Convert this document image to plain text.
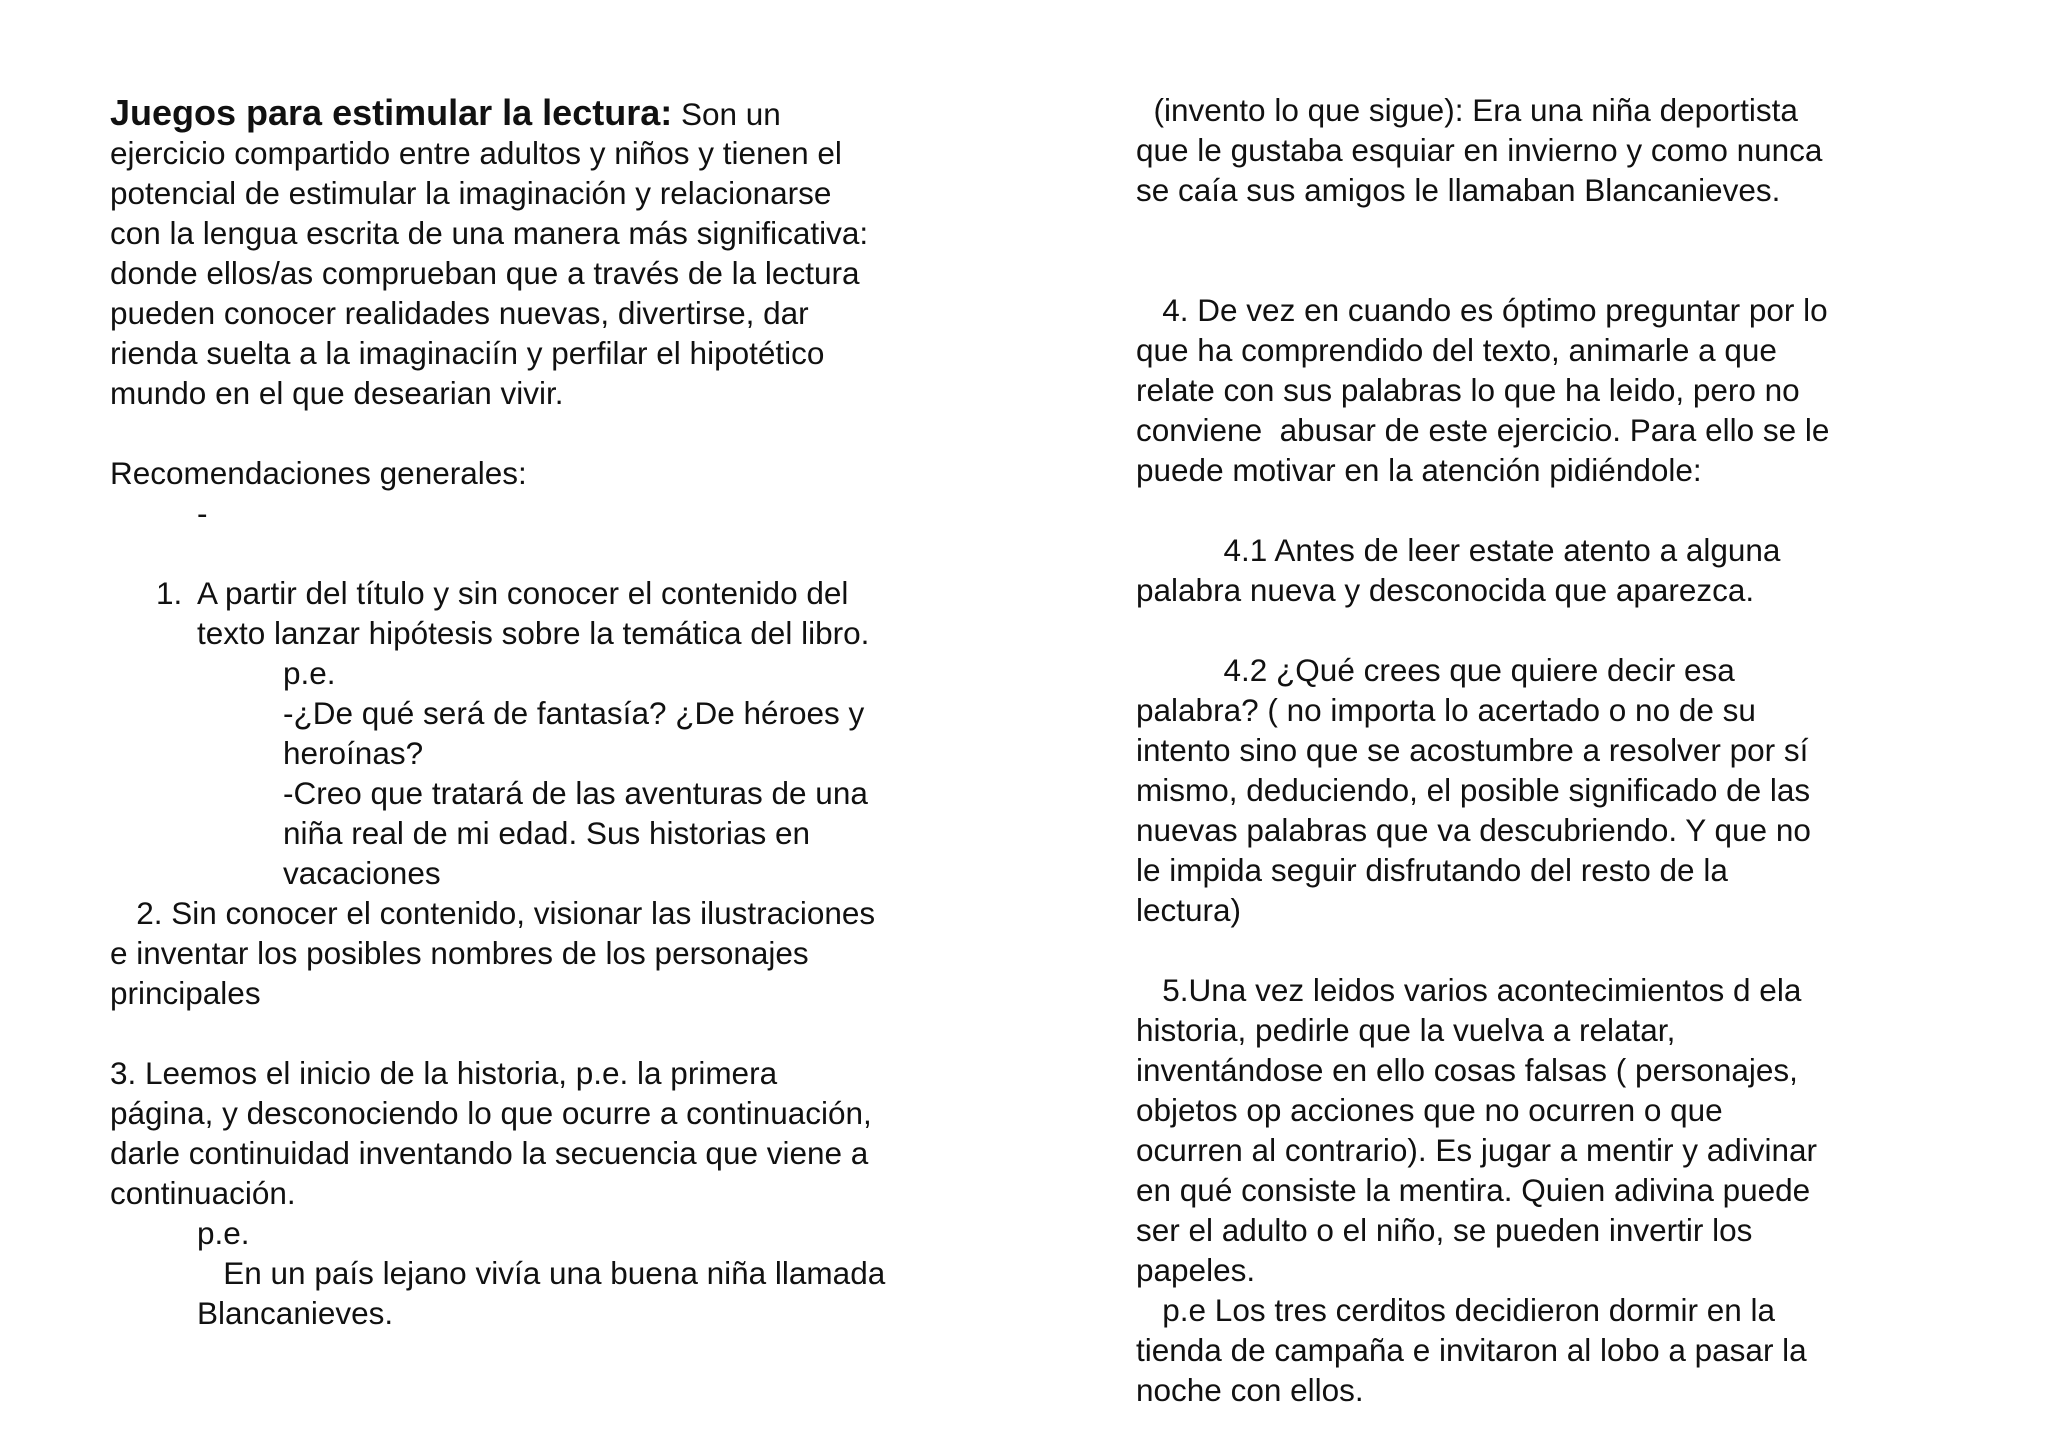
Juegos para estimular la lectura: Son un
ejercicio compartido entre adultos y niños y tienen el
potencial de estimular la imaginación y relacionarse
con la lengua escrita de una manera más significativa:
donde ellos/as comprueban que a través de la lectura
pueden conocer realidades nuevas, divertirse, dar
rienda suelta a la imaginaciín y perfilar el hipotético
mundo en el que desearian vivir.
Recomendaciones generales:
-
1. A partir del título y sin conocer el contenido del
texto lanzar hipótesis sobre la temática del libro.
p.e.
-¿De qué será de fantasía? ¿De héroes y
heroínas?
-Creo que tratará de las aventuras de una
niña real de mi edad. Sus historias en
vacaciones
2. Sin conocer el contenido, visionar las ilustraciones
e inventar los posibles nombres de los personajes
principales
3. Leemos el inicio de la historia, p.e. la primera
página, y desconociendo lo que ocurre a continuación,
darle continuidad inventando la secuencia que viene a
continuación.
p.e.
En un país lejano vivía una buena niña llamada
Blancanieves.
(invento lo que sigue): Era una niña deportista
que le gustaba esquiar en invierno y como nunca
se caía sus amigos le llamaban Blancanieves.
4. De vez en cuando es óptimo preguntar por lo
que ha comprendido del texto, animarle a que
relate con sus palabras lo que ha leido, pero no
conviene  abusar de este ejercicio. Para ello se le
puede motivar en la atención pidiéndole:
4.1 Antes de leer estate atento a alguna
palabra nueva y desconocida que aparezca.
4.2 ¿Qué crees que quiere decir esa
palabra? ( no importa lo acertado o no de su
intento sino que se acostumbre a resolver por sí
mismo, deduciendo, el posible significado de las
nuevas palabras que va descubriendo. Y que no
le impida seguir disfrutando del resto de la
lectura)
5.Una vez leidos varios acontecimientos d ela
historia, pedirle que la vuelva a relatar,
inventándose en ello cosas falsas ( personajes,
objetos op acciones que no ocurren o que
ocurren al contrario). Es jugar a mentir y adivinar
en qué consiste la mentira. Quien adivina puede
ser el adulto o el niño, se pueden invertir los
papeles.
p.e Los tres cerditos decidieron dormir en la
tienda de campaña e invitaron al lobo a pasar la
noche con ellos.
